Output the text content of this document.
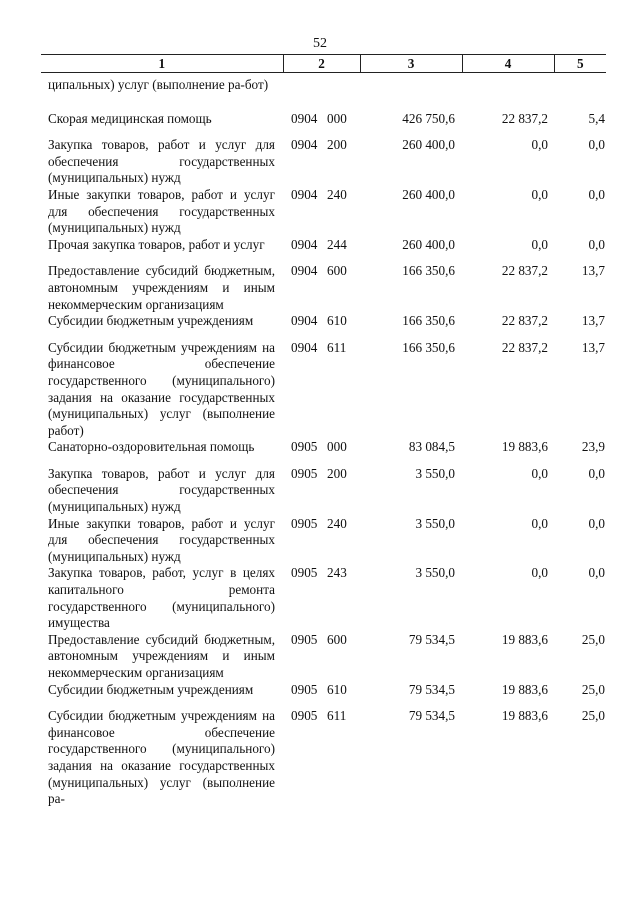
52
1	2	3	4	5
ципальных) услуг (выполнение ра-бот)				
Скорая медицинская помощь	0904 000	426 750,6	22 837,2	5,4
Закупка товаров, работ и услуг для обеспечения государственных (муниципальных) нужд	0904 200	260 400,0	0,0	0,0
Иные закупки товаров, работ и услуг для обеспечения государственных (муниципальных) нужд	0904 240	260 400,0	0,0	0,0
Прочая закупка товаров, работ и услуг	0904 244	260 400,0	0,0	0,0
Предоставление субсидий бюджетным, автономным учреждениям и иным некоммерческим организациям	0904 600	166 350,6	22 837,2	13,7
Субсидии бюджетным учреждениям	0904 610	166 350,6	22 837,2	13,7
Субсидии бюджетным учреждениям на финансовое обеспечение государственного (муниципального) задания на оказание государственных (муниципальных) услуг (выполнение работ)	0904 611	166 350,6	22 837,2	13,7
Санаторно-оздоровительная помощь	0905 000	83 084,5	19 883,6	23,9
Закупка товаров, работ и услуг для обеспечения государственных (муниципальных) нужд	0905 200	3 550,0	0,0	0,0
Иные закупки товаров, работ и услуг для обеспечения государственных (муниципальных) нужд	0905 240	3 550,0	0,0	0,0
Закупка товаров, работ, услуг в целях капитального ремонта государственного (муниципального) имущества	0905 243	3 550,0	0,0	0,0
Предоставление субсидий бюджетным, автономным учреждениям и иным некоммерческим организациям	0905 600	79 534,5	19 883,6	25,0
Субсидии бюджетным учреждениям	0905 610	79 534,5	19 883,6	25,0
Субсидии бюджетным учреждениям на финансовое обеспечение государственного (муниципального) задания на оказание государственных (муниципальных) услуг (выполнение ра-	0905 611	79 534,5	19 883,6	25,0
